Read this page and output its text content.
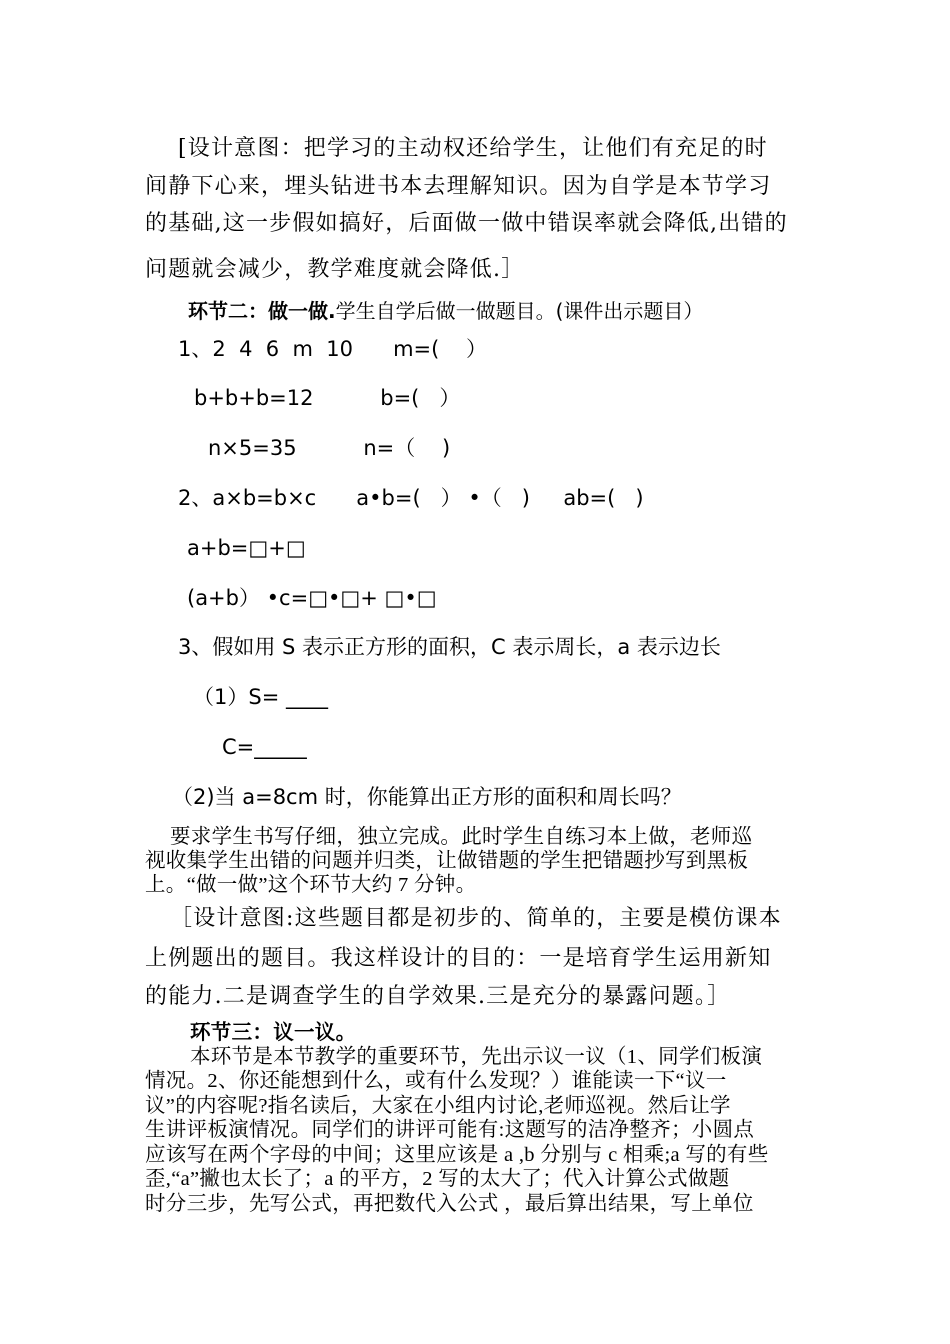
[设计意图：把学习的主动权还给学生，让他们有充足的时
间静下心来，埋头钻进书本去理解知识。因为自学是本节学习
的基础,这一步假如搞好，后面做一做中错误率就会降低,出错的
问题就会减少，教学难度就会降低.］
环节二：做一做.学生自学后做一做题目。(课件出示题目）
1、2  4  6  m  10      m=(    ）
b+b+b=12          b=(   ）
n×5=35          n=（    )
2、a×b=b×c      a•b=(   ） •（   )     ab=(   )
a+b=□+□
(a+b） •c=□•□+ □•□
3、假如用 S 表示正方形的面积，C 表示周长，a 表示边长
（1）S= ____
C=_____
（2)当 a=8cm 时，你能算出正方形的面积和周长吗？
要求学生书写仔细，独立完成。此时学生自练习本上做，老师巡
视收集学生出错的问题并归类，让做错题的学生把错题抄写到黑板
上。“做一做”这个环节大约 7 分钟。
［设计意图:这些题目都是初步的、简单的，主要是模仿课本
上例题出的题目。我这样设计的目的：一是培育学生运用新知
的能力.二是调查学生的自学效果.三是充分的暴露问题。］
环节三：议一议。
本环节是本节教学的重要环节，先出示议一议（1、同学们板演
情况。2、你还能想到什么，或有什么发现？）谁能读一下“议一
议”的内容呢?指名读后，大家在小组内讨论,老师巡视。然后让学
生讲评板演情况。同学们的讲评可能有:这题写的洁净整齐；小圆点
应该写在两个字母的中间；这里应该是 a ,b 分别与 c 相乘;a 写的有些
歪,“a”撇也太长了；a 的平方，2 写的太大了；代入计算公式做题
时分三步，先写公式，再把数代入公式 ，最后算出结果，写上单位
